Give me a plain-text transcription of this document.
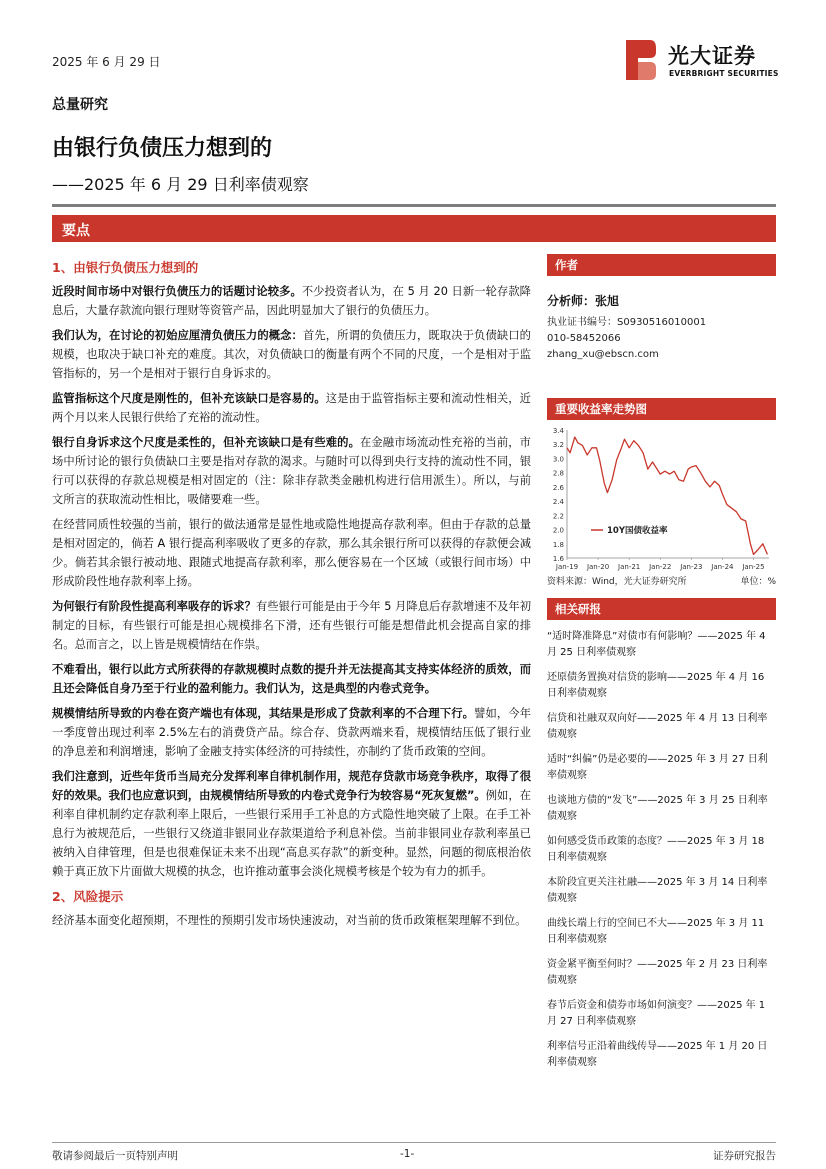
2025 年 6 月 29 日	光大证券
EVERBRIGHT SECURITIES
总量研究
由银行负债压力想到的
——2025 年 6 月 29 日利率债观察
要点
1、由银行负债压力想到的
近段时间市场中对银行负债压力的话题讨论较多。不少投资者认为，在 5 月 20 日新一轮存款降息后，大量存款流向银行理财等资管产品，因此明显加大了银行的负债压力。
我们认为，在讨论的初始应厘清负债压力的概念：首先，所谓的负债压力，既取决于负债缺口的规模，也取决于缺口补充的难度。其次，对负债缺口的衡量有两个不同的尺度，一个是相对于监管指标的，另一个是相对于银行自身诉求的。
监管指标这个尺度是刚性的，但补充该缺口是容易的。这是由于监管指标主要和流动性相关，近两个月以来人民银行供给了充裕的流动性。
银行自身诉求这个尺度是柔性的，但补充该缺口是有些难的。在金融市场流动性充裕的当前，市场中所讨论的银行负债缺口主要是指对存款的渴求。与随时可以得到央行支持的流动性不同，银行可以获得的存款总规模是相对固定的（注：除非存款类金融机构进行信用派生）。所以，与前文所言的获取流动性相比，吸储要难一些。
在经营同质性较强的当前，银行的做法通常是显性地或隐性地提高存款利率。但由于存款的总量是相对固定的，倘若 A 银行提高利率吸收了更多的存款，那么其余银行所可以获得的存款便会减少。倘若其余银行被动地、跟随式地提高存款利率，那么便容易在一个区域（或银行间市场）中形成阶段性地存款利率上扬。
为何银行有阶段性提高利率吸存的诉求？有些银行可能是由于今年 5 月降息后存款增速不及年初制定的目标，有些银行可能是担心规模排名下滑，还有些银行可能是想借此机会提高自家的排名。总而言之，以上皆是规模情结在作祟。
不难看出，银行以此方式所获得的存款规模时点数的提升并无法提高其支持实体经济的质效，而且还会降低自身乃至于行业的盈利能力。我们认为，这是典型的内卷式竞争。
规模情结所导致的内卷在资产端也有体现，其结果是形成了贷款利率的不合理下行。譬如，今年一季度曾出现过利率 2.5%左右的消费贷产品。综合存、贷款两端来看，规模情结压低了银行业的净息差和利润增速，影响了金融支持实体经济的可持续性，亦制约了货币政策的空间。
我们注意到，近些年货币当局充分发挥利率自律机制作用，规范存贷款市场竞争秩序，取得了很好的效果。我们也应意识到，由规模情结所导致的内卷式竞争行为较容易“死灰复燃”。例如，在利率自律机制约定存款利率上限后，一些银行采用手工补息的方式隐性地突破了上限。在手工补息行为被规范后，一些银行又绕道非银同业存款渠道给予利息补偿。当前非银同业存款利率虽已被纳入自律管理，但是也很难保证未来不出现“高息买存款”的新变种。显然，问题的彻底根治依赖于真正放下片面做大规模的执念，也许推动董事会淡化规模考核是个较为有力的抓手。
2、风险提示
经济基本面变化超预期，不理性的预期引发市场快速波动，对当前的货币政策框架理解不到位。
作者
分析师：张旭
执业证书编号：S0930516010001
010-58452066
zhang_xu@ebscn.com
重要收益率走势图
1.6
1.8
2.0
2.2
2.4
2.6
2.8
3.0
3.2
3.4
Jan-19 Jan-20 Jan-21 Jan-22 Jan-23 Jan-24 Jan-25
10Y国债收益率
资料来源：Wind，光大证券研究所	单位：%
相关研报
“适时降准降息”对债市有何影响？——2025 年 4 月 25 日利率债观察
还原债务置换对信贷的影响——2025 年 4 月 16 日利率债观察
信贷和社融双双向好——2025 年 4 月 13 日利率债观察
适时“纠偏”仍是必要的——2025 年 3 月 27 日利率债观察
也谈地方债的“发飞”——2025 年 3 月 25 日利率债观察
如何感受货币政策的态度？——2025 年 3 月 18 日利率债观察
本阶段宜更关注社融——2025 年 3 月 14 日利率债观察
曲线长端上行的空间已不大——2025 年 3 月 11 日利率债观察
资金紧平衡至何时？——2025 年 2 月 23 日利率债观察
春节后资金和债券市场如何演变？——2025 年 1 月 27 日利率债观察
利率信号正沿着曲线传导——2025 年 1 月 20 日利率债观察
敬请参阅最后一页特别声明	-1-	证券研究报告
